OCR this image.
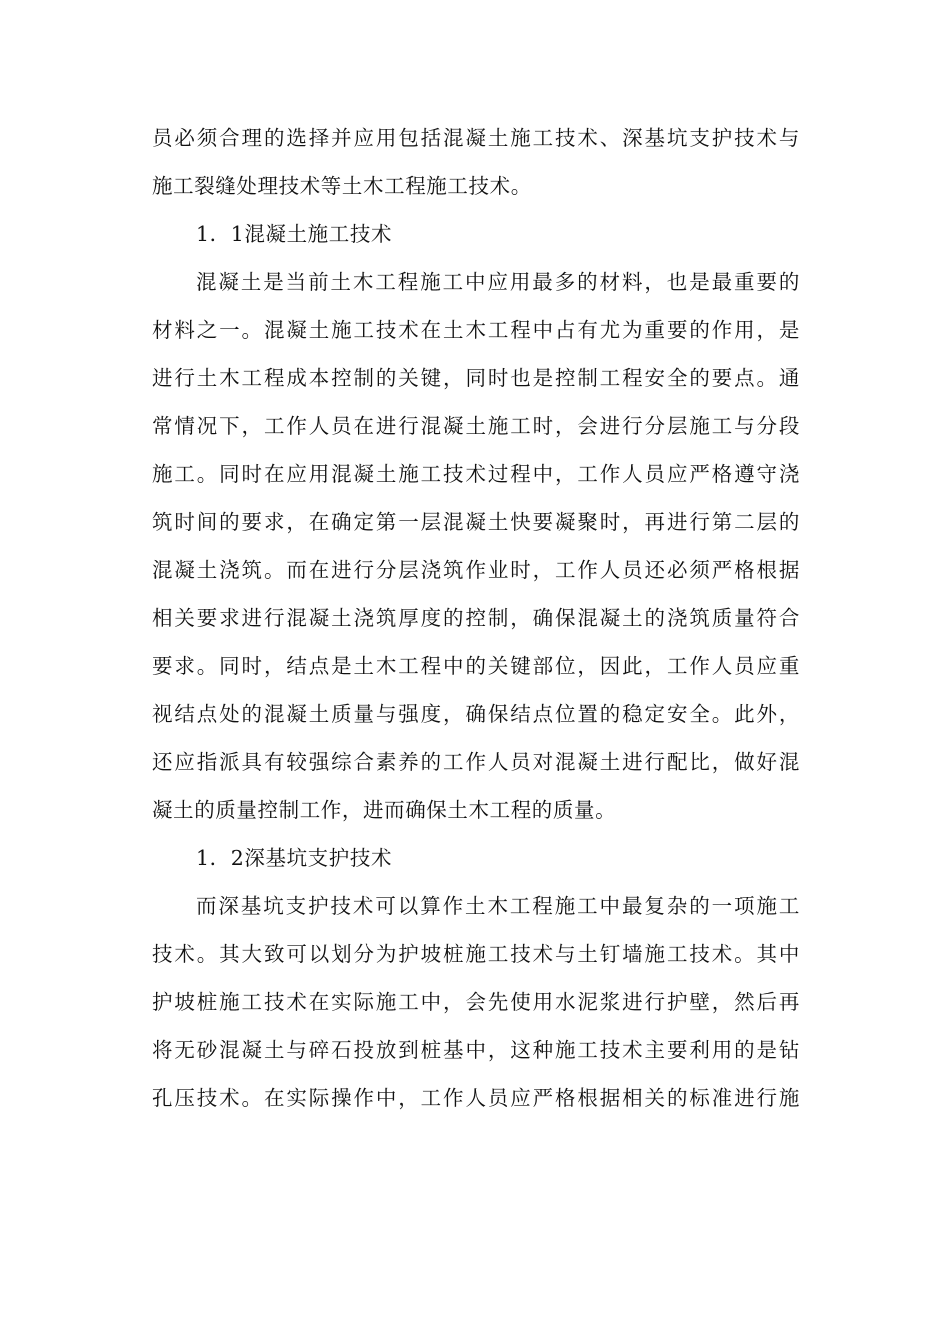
员必须合理的选择并应用包括混凝土施工技术、深基坑支护技术与
施工裂缝处理技术等土木工程施工技术。
1．1混凝土施工技术
混凝土是当前土木工程施工中应用最多的材料，也是最重要的
材料之一。混凝土施工技术在土木工程中占有尤为重要的作用，是
进行土木工程成本控制的关键，同时也是控制工程安全的要点。通
常情况下，工作人员在进行混凝土施工时，会进行分层施工与分段
施工。同时在应用混凝土施工技术过程中，工作人员应严格遵守浇
筑时间的要求，在确定第一层混凝土快要凝聚时，再进行第二层的
混凝土浇筑。而在进行分层浇筑作业时，工作人员还必须严格根据
相关要求进行混凝土浇筑厚度的控制，确保混凝土的浇筑质量符合
要求。同时，结点是土木工程中的关键部位，因此，工作人员应重
视结点处的混凝土质量与强度，确保结点位置的稳定安全。此外，
还应指派具有较强综合素养的工作人员对混凝土进行配比，做好混
凝土的质量控制工作，进而确保土木工程的质量。
1．2深基坑支护技术
而深基坑支护技术可以算作土木工程施工中最复杂的一项施工
技术。其大致可以划分为护坡桩施工技术与土钉墙施工技术。其中
护坡桩施工技术在实际施工中，会先使用水泥浆进行护壁，然后再
将无砂混凝土与碎石投放到桩基中，这种施工技术主要利用的是钻
孔压技术。在实际操作中，工作人员应严格根据相关的标准进行施
